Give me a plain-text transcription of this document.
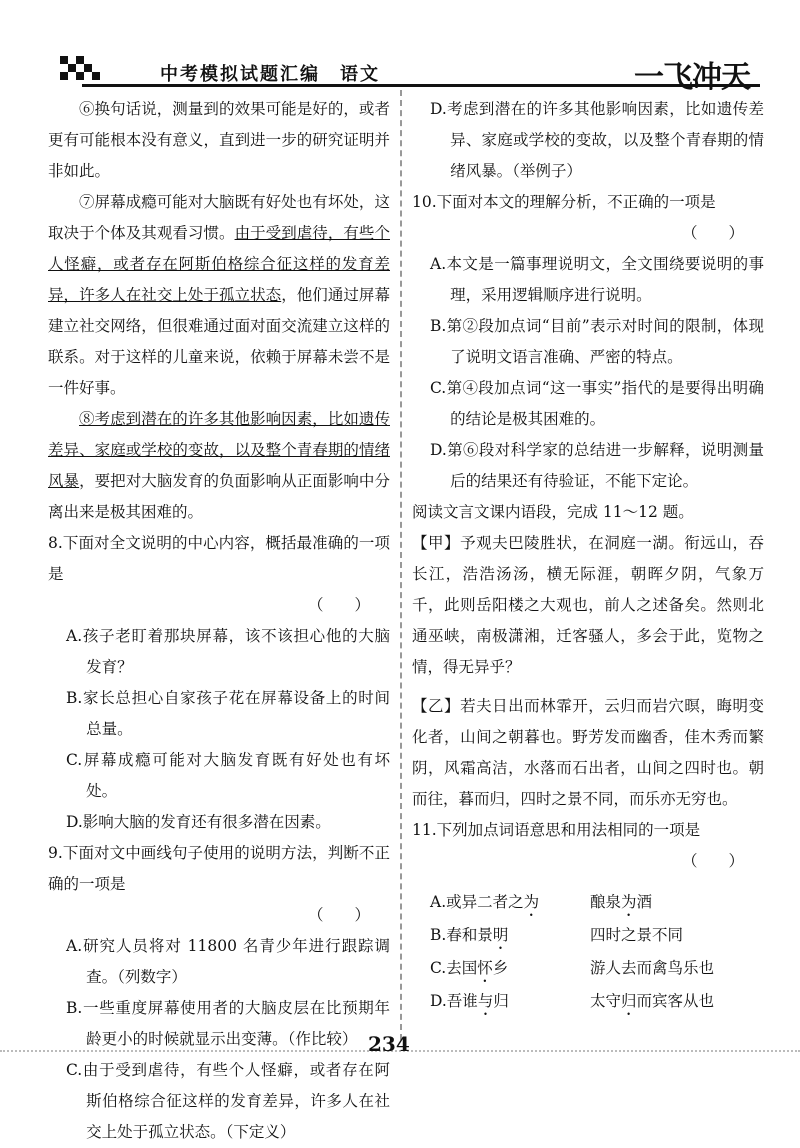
中考模拟试题汇编　语文	一飞冲天

⑥换句话说，测量到的效果可能是好的，或者更有可能根本没有意义，直到进一步的研究证明并非如此。

⑦屏幕成瘾可能对大脑既有好处也有坏处，这取决于个体及其观看习惯。由于受到虐待，有些个人怪癖，或者存在阿斯伯格综合征这样的发育差异，许多人在社交上处于孤立状态，他们通过屏幕建立社交网络，但很难通过面对面交流建立这样的联系。对于这样的儿童来说，依赖于屏幕未尝不是一件好事。

⑧考虑到潜在的许多其他影响因素，比如遗传差异、家庭或学校的变故，以及整个青春期的情绪风暴，要把对大脑发育的负面影响从正面影响中分离出来是极其困难的。

8.下面对全文说明的中心内容，概括最准确的一项是

（　　）

A.孩子老盯着那块屏幕，该不该担心他的大脑发育？

B.家长总担心自家孩子花在屏幕设备上的时间总量。

C.屏幕成瘾可能对大脑发育既有好处也有坏处。

D.影响大脑的发育还有很多潜在因素。

9.下面对文中画线句子使用的说明方法，判断不正确的一项是

（　　）

A.研究人员将对 11800 名青少年进行跟踪调查。（列数字）

B.一些重度屏幕使用者的大脑皮层在比预期年龄更小的时候就显示出变薄。（作比较）

C.由于受到虐待，有些个人怪癖，或者存在阿斯伯格综合征这样的发育差异，许多人在社交上处于孤立状态。（下定义）

D.考虑到潜在的许多其他影响因素，比如遗传差异、家庭或学校的变故，以及整个青春期的情绪风暴。（举例子）

10.下面对本文的理解分析，不正确的一项是

（　　）

A.本文是一篇事理说明文，全文围绕要说明的事理，采用逻辑顺序进行说明。

B.第②段加点词“目前”表示对时间的限制，体现了说明文语言准确、严密的特点。

C.第④段加点词“这一事实”指代的是要得出明确的结论是极其困难的。

D.第⑥段对科学家的总结进一步解释，说明测量后的结果还有待验证，不能下定论。

阅读文言文课内语段，完成 11～12 题。

【甲】予观夫巴陵胜状，在洞庭一湖。衔远山，吞长江，浩浩汤汤，横无际涯，朝晖夕阴，气象万千，此则岳阳楼之大观也，前人之述备矣。然则北通巫峡，南极潇湘，迁客骚人，多会于此，览物之情，得无异乎？

【乙】若夫日出而林霏开，云归而岩穴暝，晦明变化者，山间之朝暮也。野芳发而幽香，佳木秀而繁阴，风霜高洁，水落而石出者，山间之四时也。朝而往，暮而归，四时之景不同，而乐亦无穷也。

11.下列加点词语意思和用法相同的一项是

（　　）
A.或异二者之为	酿泉为酒
B.春和景明	四时之景不同
C.去国怀乡	游人去而禽鸟乐也
D.吾谁与归	太守归而宾客从也
234
